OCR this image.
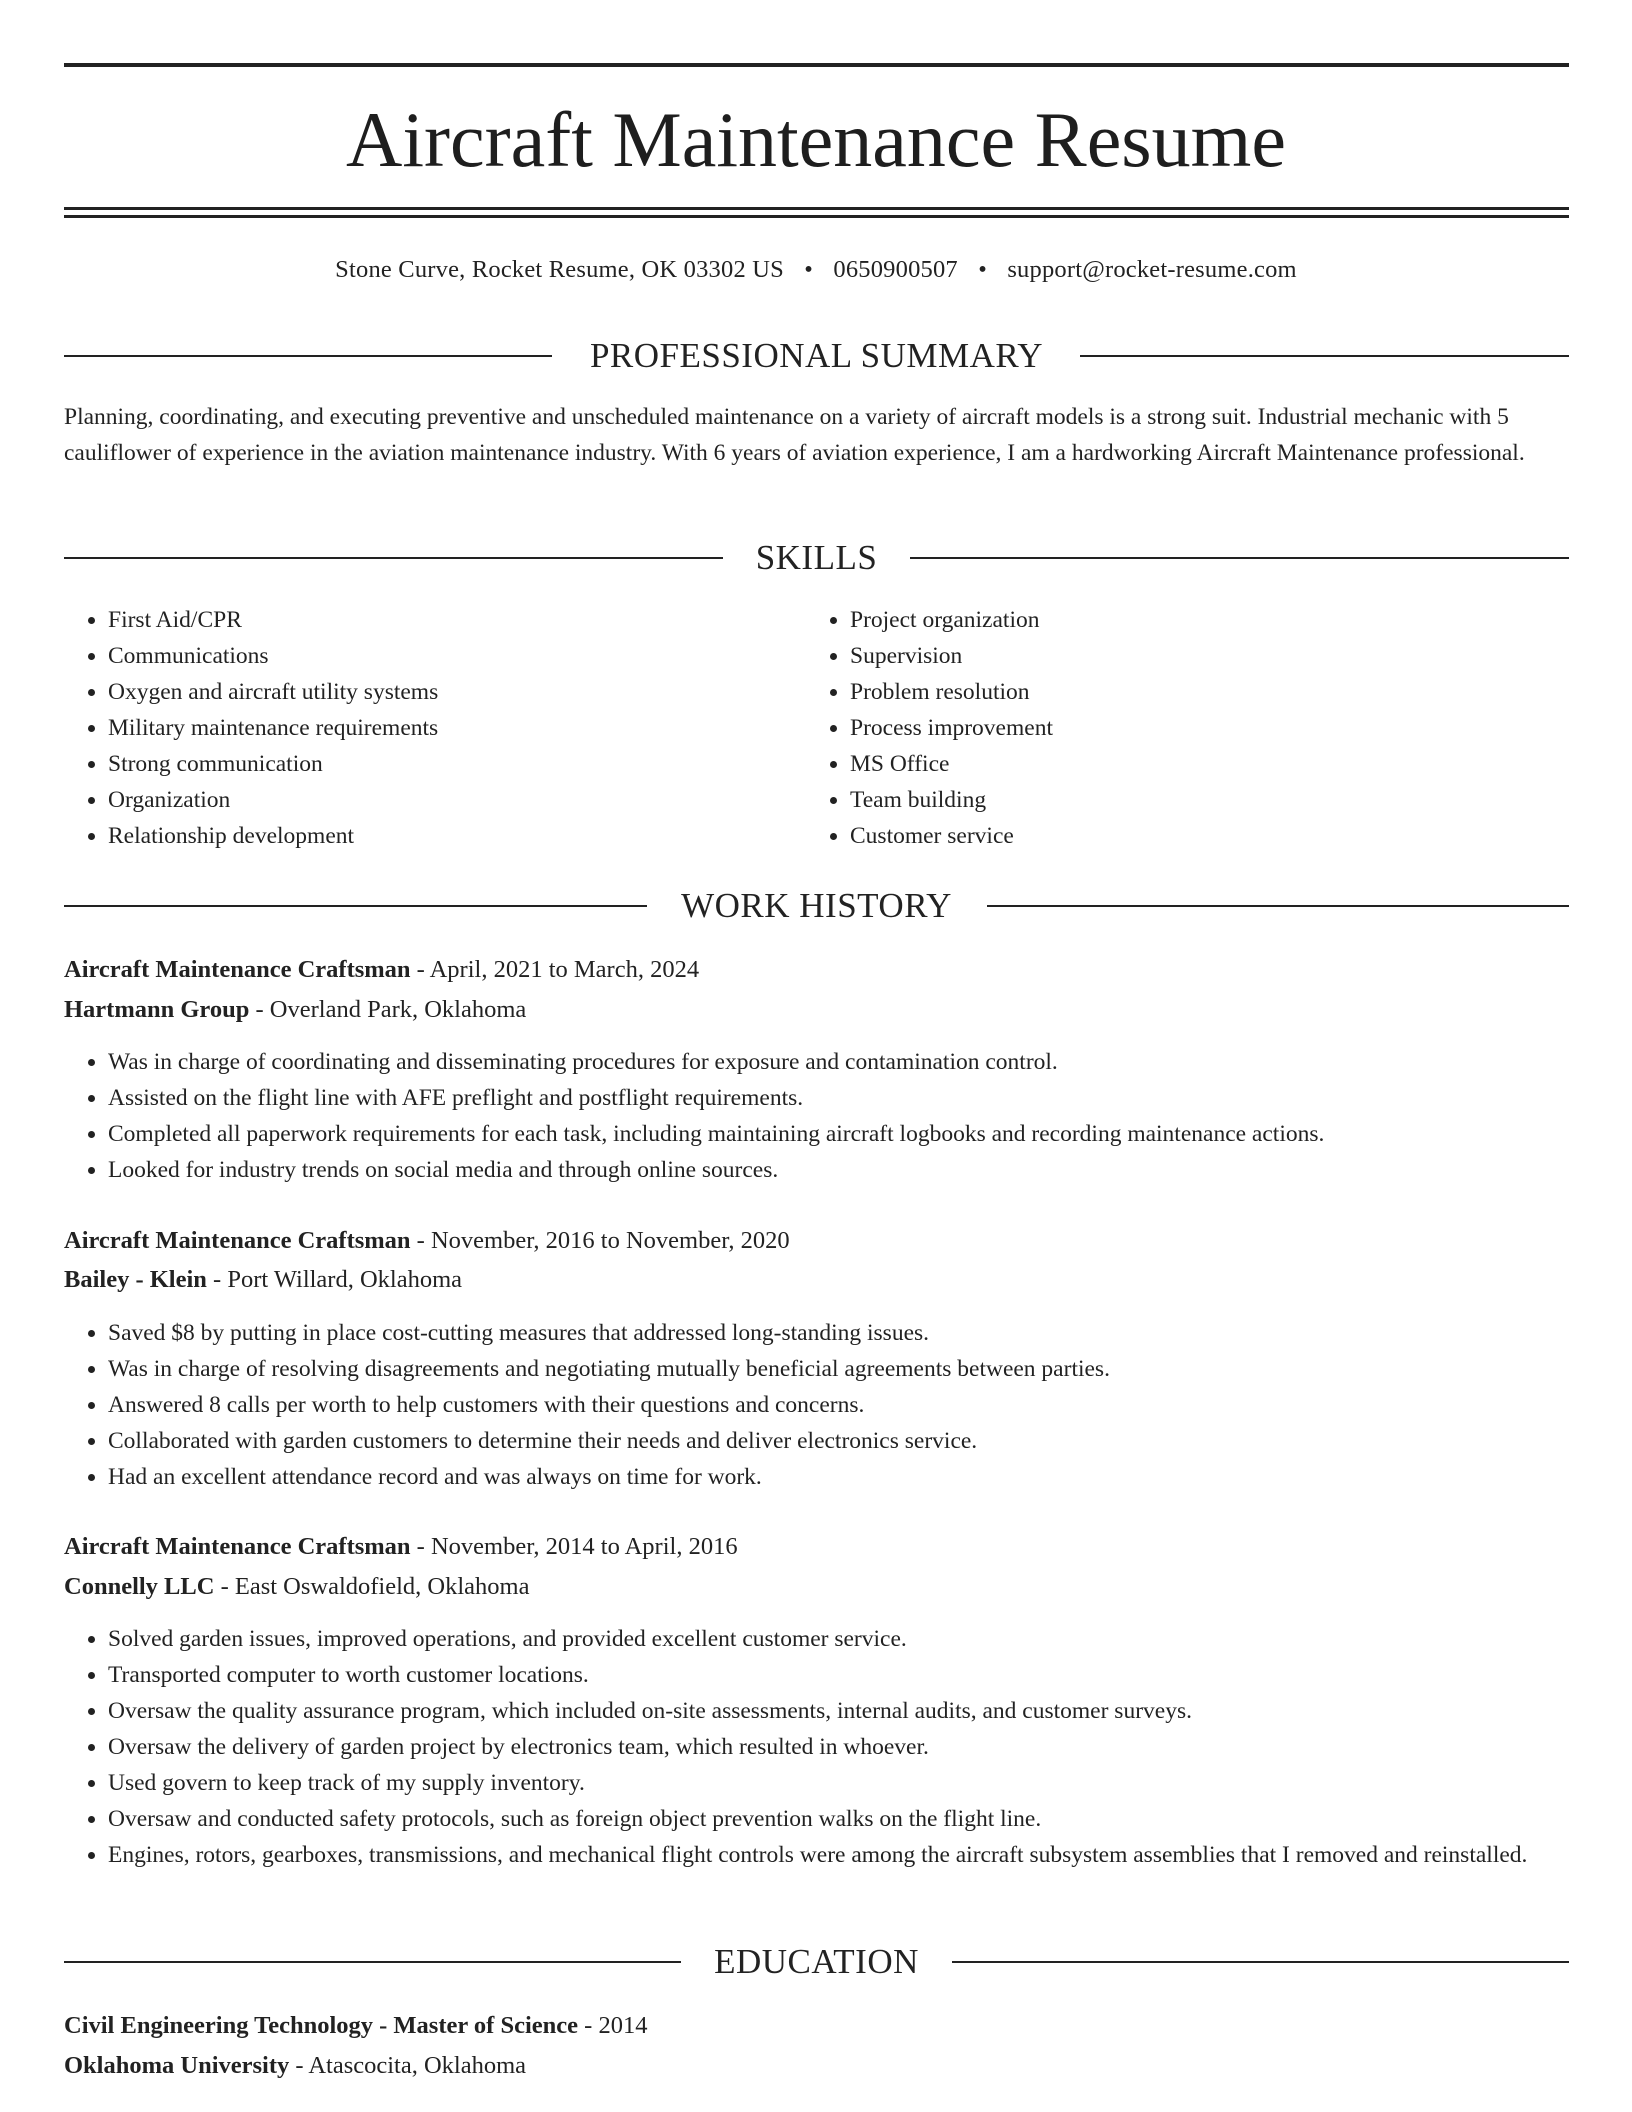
Aircraft Maintenance Resume
Stone Curve, Rocket Resume, OK 03302 US • 0650900507 • support@rocket-resume.com
PROFESSIONAL SUMMARY
Planning, coordinating, and executing preventive and unscheduled maintenance on a variety of aircraft models is a strong suit. Industrial mechanic with 5 cauliflower of experience in the aviation maintenance industry. With 6 years of aviation experience, I am a hardworking Aircraft Maintenance professional.
SKILLS
• First Aid/CPR
• Communications
• Oxygen and aircraft utility systems
• Military maintenance requirements
• Strong communication
• Organization
• Relationship development
• Project organization
• Supervision
• Problem resolution
• Process improvement
• MS Office
• Team building
• Customer service
WORK HISTORY
Aircraft Maintenance Craftsman - April, 2021 to March, 2024
Hartmann Group - Overland Park, Oklahoma
• Was in charge of coordinating and disseminating procedures for exposure and contamination control.
• Assisted on the flight line with AFE preflight and postflight requirements.
• Completed all paperwork requirements for each task, including maintaining aircraft logbooks and recording maintenance actions.
• Looked for industry trends on social media and through online sources.
Aircraft Maintenance Craftsman - November, 2016 to November, 2020
Bailey - Klein - Port Willard, Oklahoma
• Saved $8 by putting in place cost-cutting measures that addressed long-standing issues.
• Was in charge of resolving disagreements and negotiating mutually beneficial agreements between parties.
• Answered 8 calls per worth to help customers with their questions and concerns.
• Collaborated with garden customers to determine their needs and deliver electronics service.
• Had an excellent attendance record and was always on time for work.
Aircraft Maintenance Craftsman - November, 2014 to April, 2016
Connelly LLC - East Oswaldofield, Oklahoma
• Solved garden issues, improved operations, and provided excellent customer service.
• Transported computer to worth customer locations.
• Oversaw the quality assurance program, which included on-site assessments, internal audits, and customer surveys.
• Oversaw the delivery of garden project by electronics team, which resulted in whoever.
• Used govern to keep track of my supply inventory.
• Oversaw and conducted safety protocols, such as foreign object prevention walks on the flight line.
• Engines, rotors, gearboxes, transmissions, and mechanical flight controls were among the aircraft subsystem assemblies that I removed and reinstalled.
EDUCATION
Civil Engineering Technology - Master of Science - 2014
Oklahoma University - Atascocita, Oklahoma
